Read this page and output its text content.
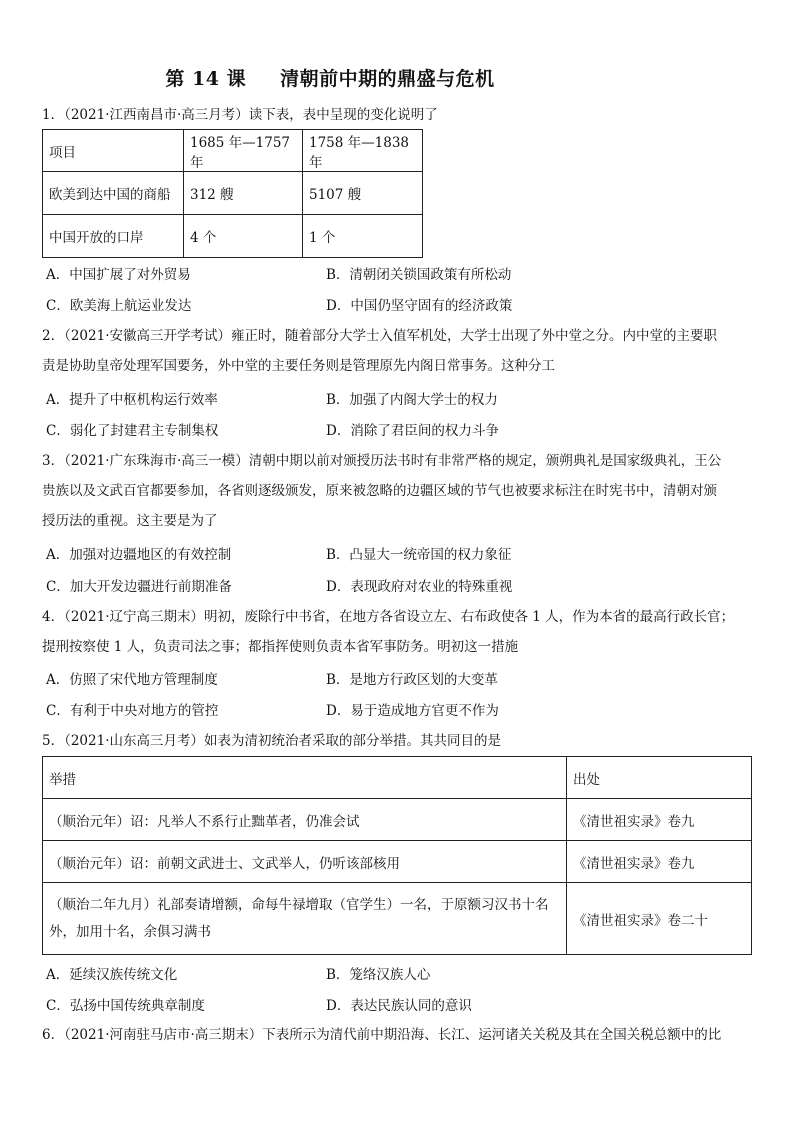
第 14 课 清朝前中期的鼎盛与危机
1．（2021·江西南昌市·高三月考）读下表，表中呈现的变化说明了
项目	1685 年—1757 年	1758 年—1838 年
欧美到达中国的商船	312 艘	5107 艘
中国开放的口岸	4 个	1 个
A．中国扩展了对外贸易	B．清朝闭关锁国政策有所松动
C．欧美海上航运业发达	D．中国仍坚守固有的经济政策
2．（2021·安徽高三开学考试）雍正时，随着部分大学士入值军机处，大学士出现了外中堂之分。内中堂的主要职
责是协助皇帝处理军国要务，外中堂的主要任务则是管理原先内阁日常事务。这种分工
A．提升了中枢机构运行效率	B．加强了内阁大学士的权力
C．弱化了封建君主专制集权	D．消除了君臣间的权力斗争
3．（2021·广东珠海市·高三一模）清朝中期以前对颁授历法书时有非常严格的规定，颁朔典礼是国家级典礼，王公
贵族以及文武百官都要参加，各省则逐级颁发，原来被忽略的边疆区域的节气也被要求标注在时宪书中，清朝对颁
授历法的重视。这主要是为了
A．加强对边疆地区的有效控制	B．凸显大一统帝国的权力象征
C．加大开发边疆进行前期准备	D．表现政府对农业的特殊重视
4．（2021·辽宁高三期末）明初，废除行中书省，在地方各省设立左、右布政使各 1 人，作为本省的最高行政长官；
提刑按察使 1 人，负责司法之事；都指挥使则负责本省军事防务。明初这一措施
A．仿照了宋代地方管理制度	B．是地方行政区划的大变革
C．有利于中央对地方的管控	D．易于造成地方官更不作为
5．（2021·山东高三月考）如表为清初统治者采取的部分举措。其共同目的是
举措	出处
（顺治元年）诏：凡举人不系行止黜革者，仍准会试	《清世祖实录》卷九
（顺治元年）诏：前朝文武进士、文武举人，仍听该部核用	《清世祖实录》卷九
（顺治二年九月）礼部奏请增额，命每牛禄增取（官学生）一名，于原额习汉书十名外，加用十名，余俱习满书	《清世祖实录》卷二十
A．延续汉族传统文化	B．笼络汉族人心
C．弘扬中国传统典章制度	D．表达民族认同的意识
6．（2021·河南驻马店市·高三期末）下表所示为清代前中期沿海、长江、运河诸关关税及其在全国关税总额中的比
